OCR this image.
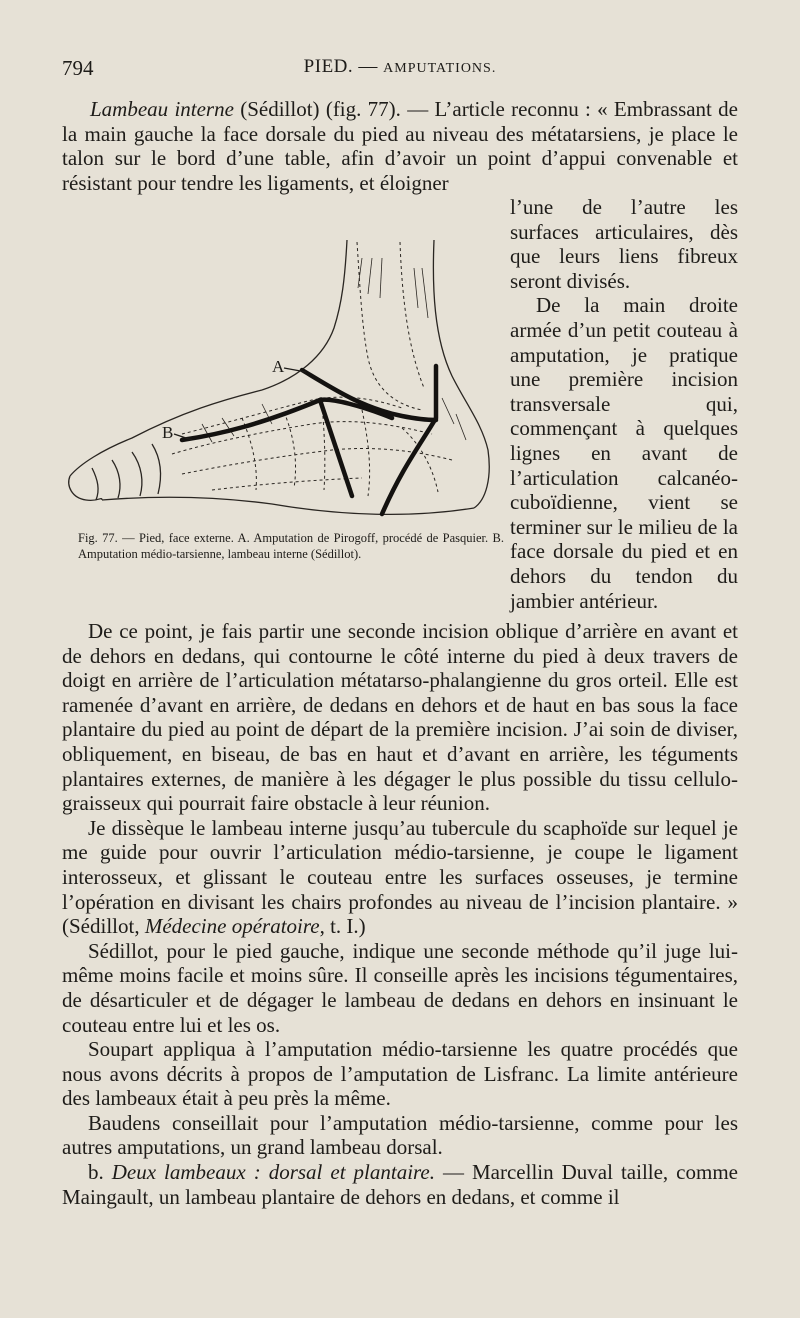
794	PIED. — AMPUTATIONS.

Lambeau interne (Sédillot) (fig. 77). — L’article reconnu : « Embrassant de la main gauche la face dorsale du pied au niveau des métatarsiens, je place le talon sur le bord d’une table, afin d’avoir un point d’appui convenable et résistant pour tendre les ligaments, et éloigner

l’une de l’autre les surfaces articulaires, dès que leurs liens fibreux seront divisés.

De la main droite armée d’un petit couteau à amputation, je pratique une première incision transversale qui, commençant à quelques lignes en avant de l’articulation calcanéo-cuboïdienne, vient se terminer sur le milieu de la face dorsale du pied et en dehors du tendon du jambier antérieur.

A
B
Fig. 77. — Pied, face externe. A. Amputation de Pirogoff, procédé de Pasquier. B. Amputation médio-tarsienne, lambeau interne (Sédillot).

De ce point, je fais partir une seconde incision oblique d’arrière en avant et de dehors en dedans, qui contourne le côté interne du pied à deux travers de doigt en arrière de l’articulation métatarso-phalangienne du gros orteil. Elle est ramenée d’avant en arrière, de dedans en dehors et de haut en bas sous la face plantaire du pied au point de départ de la première incision. J’ai soin de diviser, obliquement, en biseau, de bas en haut et d’avant en arrière, les téguments plantaires externes, de manière à les dégager le plus possible du tissu cellulo-graisseux qui pourrait faire obstacle à leur réunion.

Je dissèque le lambeau interne jusqu’au tubercule du scaphoïde sur lequel je me guide pour ouvrir l’articulation médio-tarsienne, je coupe le ligament interosseux, et glissant le couteau entre les surfaces osseuses, je termine l’opération en divisant les chairs profondes au niveau de l’incision plantaire. » (Sédillot, Médecine opératoire, t. I.)

Sédillot, pour le pied gauche, indique une seconde méthode qu’il juge lui-même moins facile et moins sûre. Il conseille après les incisions tégumentaires, de désarticuler et de dégager le lambeau de dedans en dehors en insinuant le couteau entre lui et les os.

Soupart appliqua à l’amputation médio-tarsienne les quatre procédés que nous avons décrits à propos de l’amputation de Lisfranc. La limite antérieure des lambeaux était à peu près la même.

Baudens conseillait pour l’amputation médio-tarsienne, comme pour les autres amputations, un grand lambeau dorsal.

b. Deux lambeaux : dorsal et plantaire. — Marcellin Duval taille, comme Maingault, un lambeau plantaire de dehors en dedans, et comme il
